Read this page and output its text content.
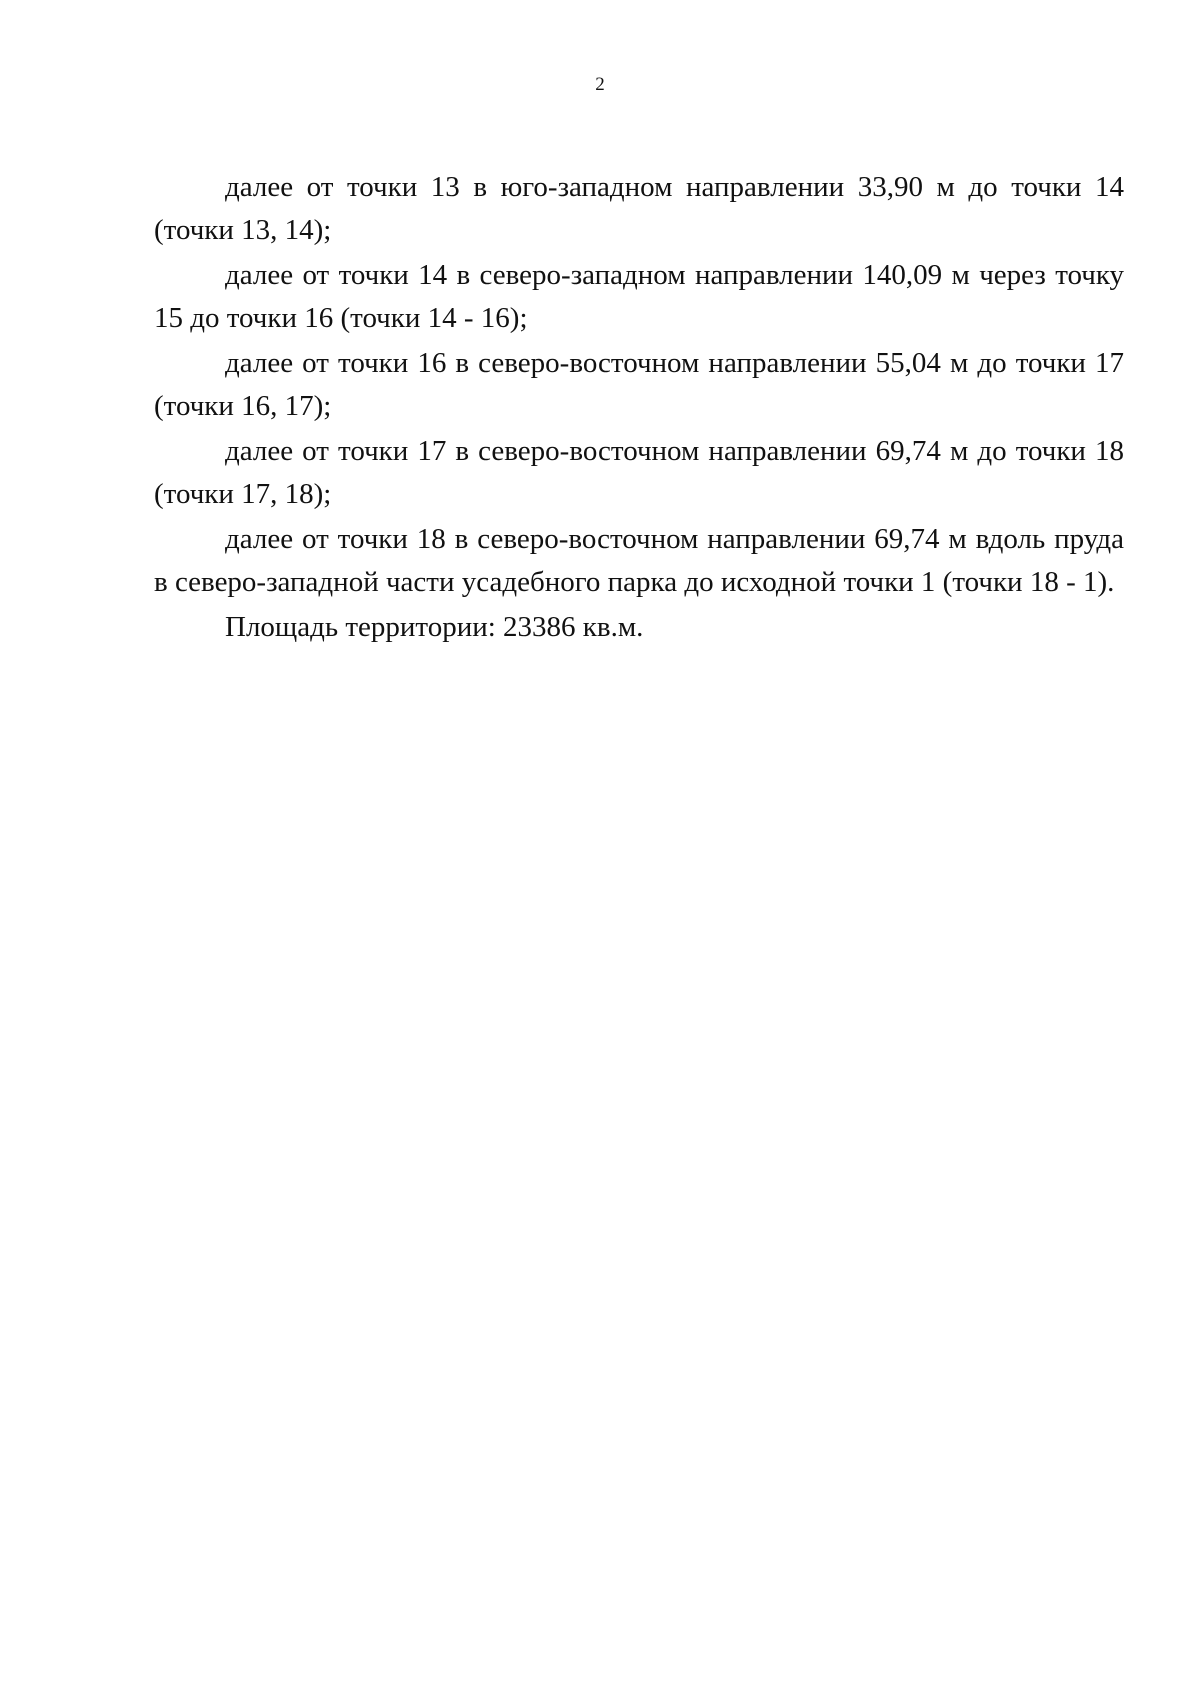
2

далее от точки 13 в юго-западном направлении 33,90 м до точки 14 (точки 13, 14);

далее от точки 14 в северо-западном направлении 140,09 м через точку 15 до точки 16 (точки 14 - 16);

далее от точки 16 в северо-восточном направлении 55,04 м до точки 17 (точки 16, 17);

далее от точки 17 в северо-восточном направлении 69,74 м до точки 18 (точки 17, 18);

далее от точки 18 в северо-восточном направлении 69,74 м вдоль пруда в северо-западной части усадебного парка до исходной точки 1 (точки 18 - 1).

Площадь территории: 23386 кв.м.
